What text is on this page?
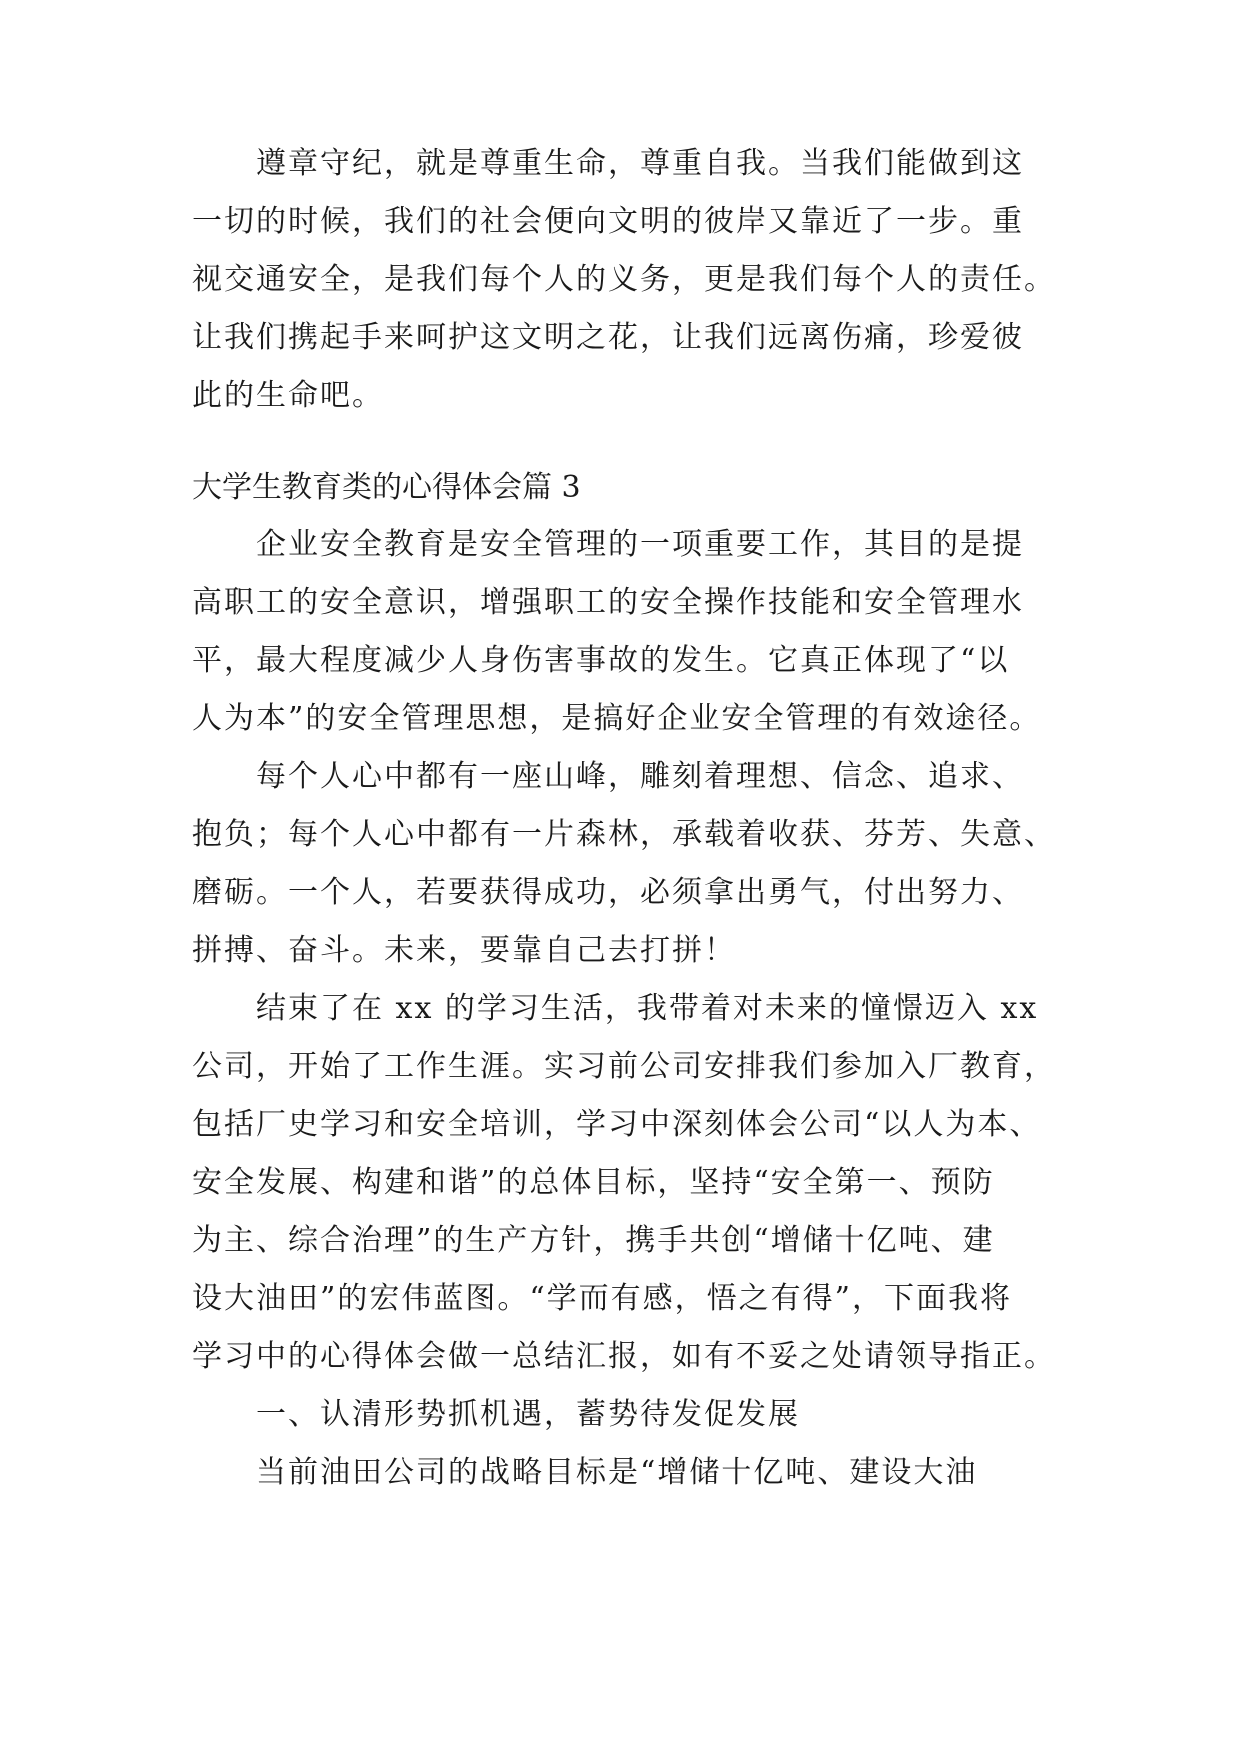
遵章守纪，就是尊重生命，尊重自我。当我们能做到这
一切的时候，我们的社会便向文明的彼岸又靠近了一步。重
视交通安全，是我们每个人的义务，更是我们每个人的责任。
让我们携起手来呵护这文明之花，让我们远离伤痛，珍爱彼
此的生命吧。
大学生教育类的心得体会篇 3
企业安全教育是安全管理的一项重要工作，其目的是提
高职工的安全意识，增强职工的安全操作技能和安全管理水
平，最大程度减少人身伤害事故的发生。它真正体现了“以
人为本”的安全管理思想，是搞好企业安全管理的有效途径。
每个人心中都有一座山峰，雕刻着理想、信念、追求、
抱负；每个人心中都有一片森林，承载着收获、芬芳、失意、
磨砺。一个人，若要获得成功，必须拿出勇气，付出努力、
拼搏、奋斗。未来，要靠自己去打拼！
结束了在 xx 的学习生活，我带着对未来的憧憬迈入 xx
公司，开始了工作生涯。实习前公司安排我们参加入厂教育，
包括厂史学习和安全培训，学习中深刻体会公司“以人为本、
安全发展、构建和谐”的总体目标，坚持“安全第一、预防
为主、综合治理”的生产方针，携手共创“增储十亿吨、建
设大油田”的宏伟蓝图。“学而有感，悟之有得”，下面我将
学习中的心得体会做一总结汇报，如有不妥之处请领导指正。
一、认清形势抓机遇，蓄势待发促发展
当前油田公司的战略目标是“增储十亿吨、建设大油
